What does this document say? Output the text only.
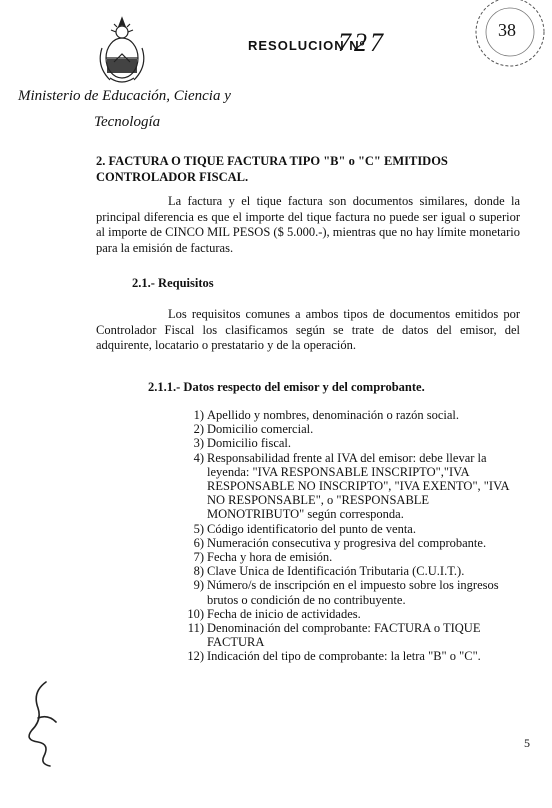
RESOLUCION Nº
727	38
Ministerio de Educación, Ciencia y
Tecnología
2. FACTURA O TIQUE FACTURA TIPO "B" o "C" EMITIDOS CONTROLADOR FISCAL.
La factura y el tique factura son documentos similares, donde la principal diferencia es que el importe del tique factura no puede ser igual o superior al importe de CINCO MIL PESOS ($ 5.000.-), mientras que no hay límite monetario para la emisión de facturas.
2.1.- Requisitos
Los requisitos comunes a ambos tipos de documentos emitidos por Controlador Fiscal los clasificamos según se trate de datos del emisor, del adquirente, locatario o prestatario y de la operación.
2.1.1.- Datos respecto del emisor y del comprobante.
1) Apellido y nombres, denominación o razón social.
2) Domicilio comercial.
3) Domicilio fiscal.
4) Responsabilidad frente al IVA del emisor: debe llevar la leyenda: "IVA RESPONSABLE INSCRIPTO","IVA RESPONSABLE NO INSCRIPTO", "IVA EXENTO", "IVA NO RESPONSABLE", o "RESPONSABLE MONOTRIBUTO" según corresponda.
5) Código identificatorio del punto de venta.
6) Numeración consecutiva y progresiva del comprobante.
7) Fecha y hora de emisión.
8) Clave Unica de Identificación Tributaria (C.U.I.T.).
9) Número/s de inscripción en el impuesto sobre los ingresos brutos o condición de no contribuyente.
10) Fecha de inicio de actividades.
11) Denominación del comprobante: FACTURA o TIQUE FACTURA
12) Indicación del tipo de comprobante: la letra "B" o "C".
5
